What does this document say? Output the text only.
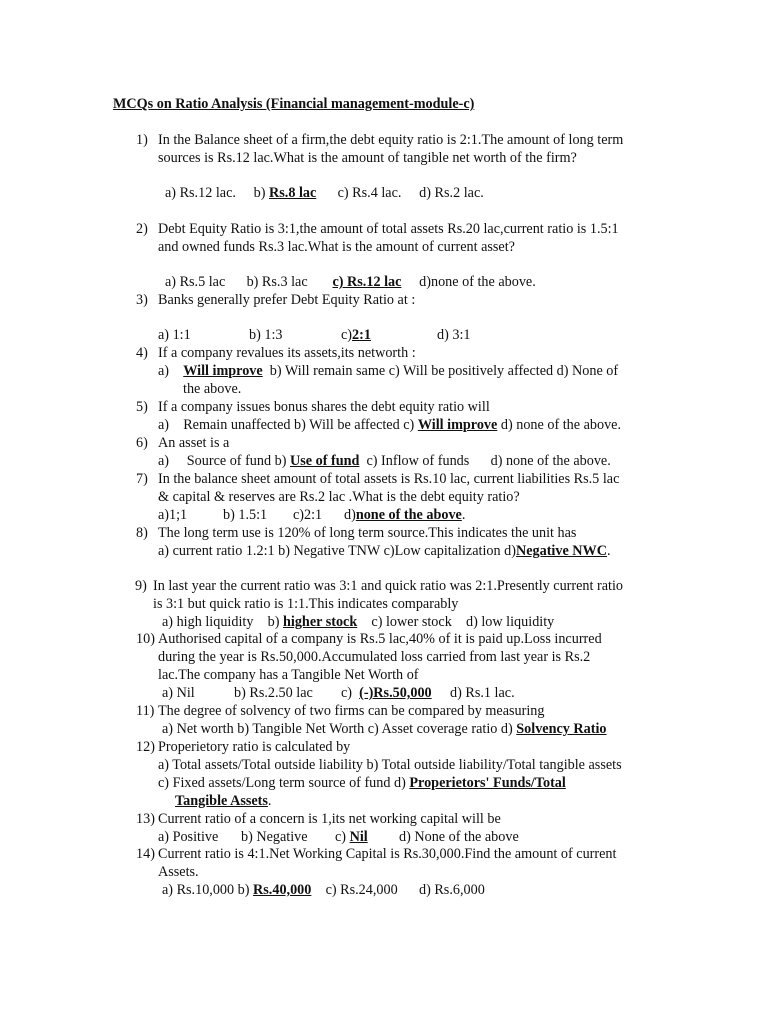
MCQs on Ratio Analysis (Financial management-module-c)
1) In the Balance sheet of a firm,the debt equity ratio is 2:1.The amount of long term
sources is Rs.12 lac.What is the amount of tangible net worth of the firm?
a) Rs.12 lac. b) Rs.8 lac c) Rs.4 lac. d) Rs.2 lac.
2) Debt Equity Ratio is 3:1,the amount of total assets Rs.20 lac,current ratio is 1.5:1
and owned funds Rs.3 lac.What is the amount of current asset?
a) Rs.5 lac b) Rs.3 lac c) Rs.12 lac d)none of the above.
3) Banks generally prefer Debt Equity Ratio at :
a) 1:1	b) 1:3	c)2:1	d) 3:1
4) If a company revalues its assets,its networth :
a) Will improve b) Will remain same c) Will be positively affected d) None of
the above.
5) If a company issues bonus shares the debt equity ratio will
a) Remain unaffected b) Will be affected c) Will improve d) none of the above.
6) An asset is a
a) Source of fund b) Use of fund c) Inflow of funds d) none of the above.
7) In the balance sheet amount of total assets is Rs.10 lac, current liabilities Rs.5 lac
& capital & reserves are Rs.2 lac .What is the debt equity ratio?
a)1;1	b) 1.5:1 c)2:1 d)none of the above.
8) The long term use is 120% of long term source.This indicates the unit has
a) current ratio 1.2:1 b) Negative TNW c)Low capitalization d)Negative NWC.
9) In last year the current ratio was 3:1 and quick ratio was 2:1.Presently current ratio
is 3:1 but quick ratio is 1:1.This indicates comparably
a) high liquidity b) higher stock c) lower stock d) low liquidity
10) Authorised capital of a company is Rs.5 lac,40% of it is paid up.Loss incurred
during the year is Rs.50,000.Accumulated loss carried from last year is Rs.2
lac.The company has a Tangible Net Worth of
a) Nil	b) Rs.2.50 lac c) (-)Rs.50,000 d) Rs.1 lac.
11) The degree of solvency of two firms can be compared by measuring
a) Net worth b) Tangible Net Worth c) Asset coverage ratio d) Solvency Ratio
12) Properietory ratio is calculated by
a) Total assets/Total outside liability b) Total outside liability/Total tangible assets
c) Fixed assets/Long term source of fund d) Properietors' Funds/Total
Tangible Assets.
13) Current ratio of a concern is 1,its net working capital will be
a) Positive b) Negative c) Nil d) None of the above
14) Current ratio is 4:1.Net Working Capital is Rs.30,000.Find the amount of current
Assets.
a) Rs.10,000 b) Rs.40,000 c) Rs.24,000 d) Rs.6,000
